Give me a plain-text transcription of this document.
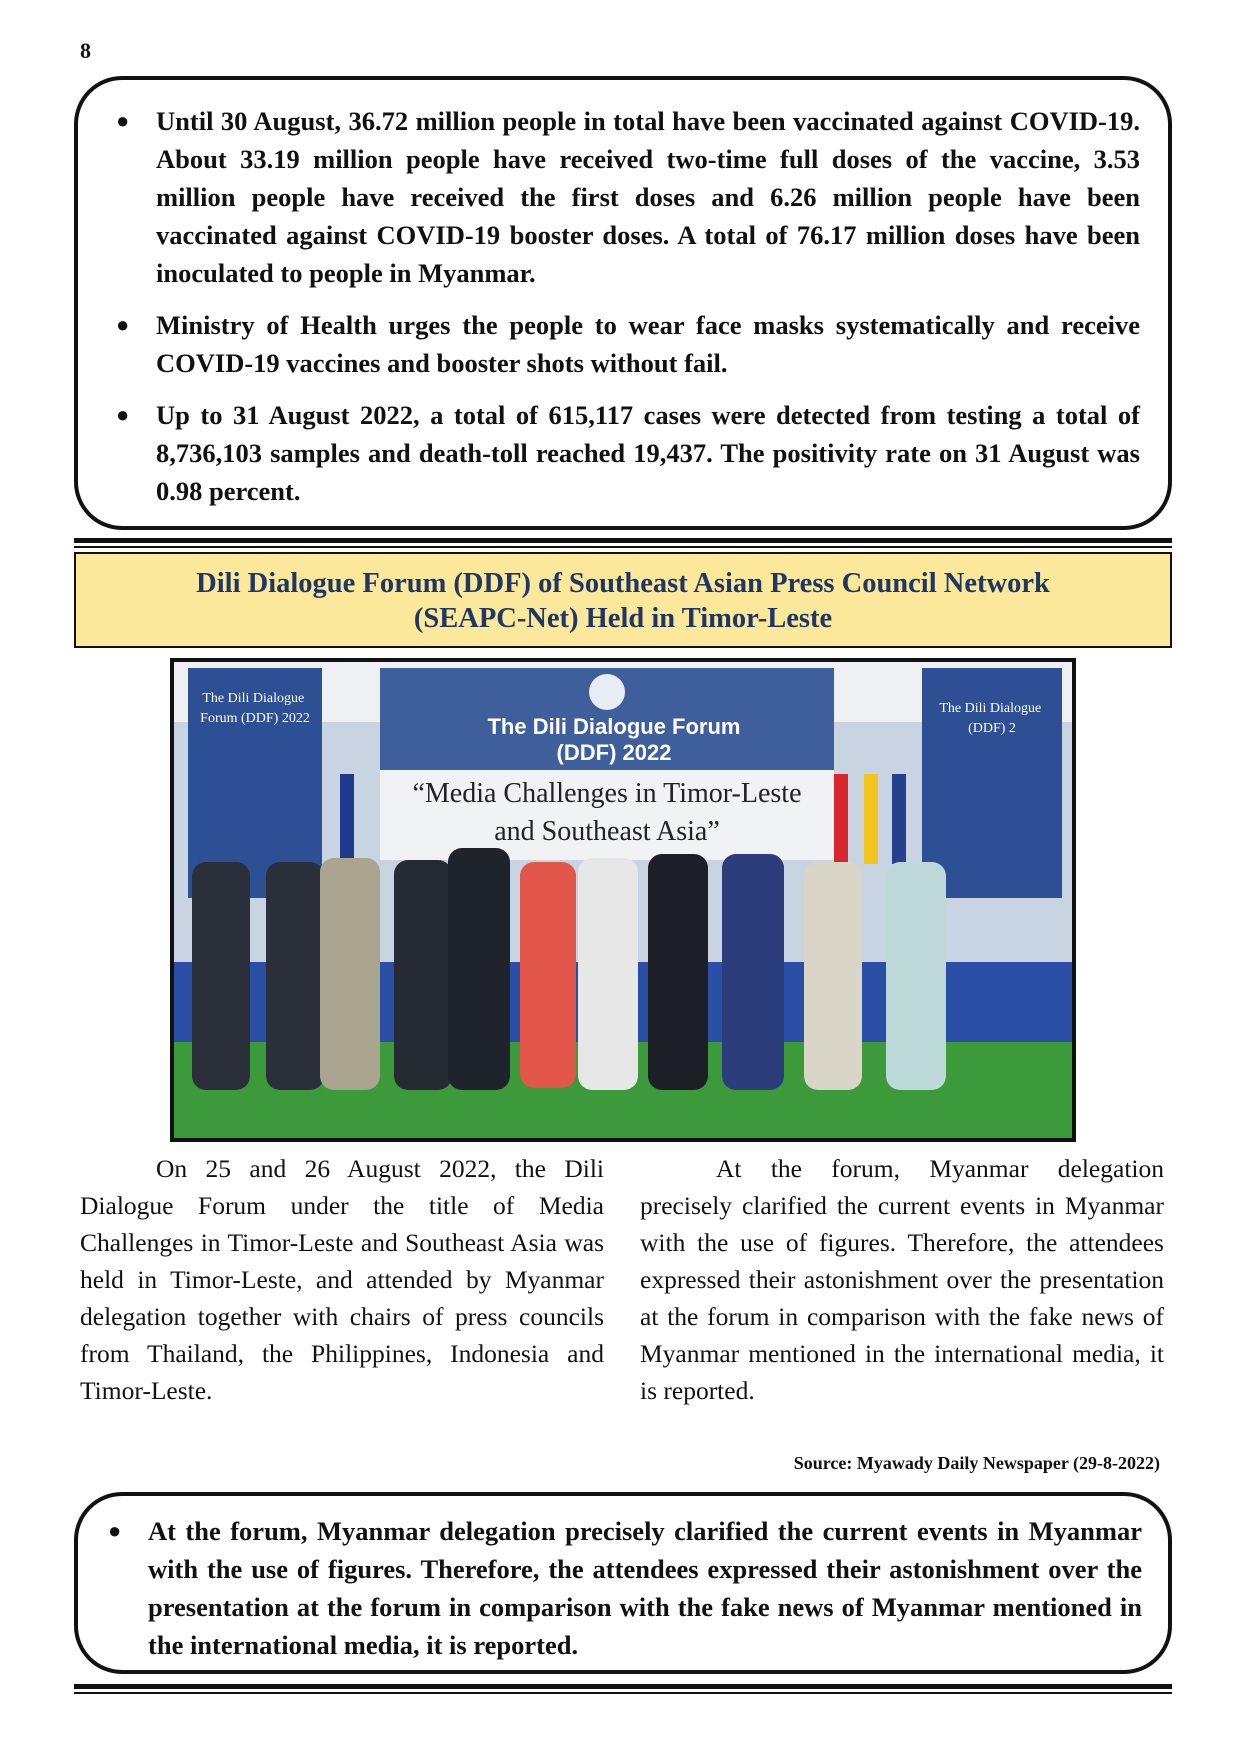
8
● Until 30 August, 36.72 million people in total have been vaccinated against COVID-19. About 33.19 million people have received two-time full doses of the vaccine, 3.53 million people have received the first doses and 6.26 million people have been vaccinated against COVID-19 booster doses. A total of 76.17 million doses have been inoculated to people in Myanmar.
● Ministry of Health urges the people to wear face masks systematically and receive COVID-19 vaccines and booster shots without fail.
● Up to 31 August 2022, a total of 615,117 cases were detected from testing a total of 8,736,103 samples and death-toll reached 19,437. The positivity rate on 31 August was 0.98 percent.
Dili Dialogue Forum (DDF) of Southeast Asian Press Council Network
(SEAPC-Net) Held in Timor-Leste
The Dili Dialogue Forum (DDF) 2022
The Dili Dialogue (DDF) 2
The Dili Dialogue Forum
(DDF) 2022
“Media Challenges in Timor-Leste
and Southeast Asia”

On 25 and 26 August 2022, the Dili Dialogue Forum under the title of Media Challenges in Timor-Leste and Southeast Asia was held in Timor-Leste, and attended by Myanmar delegation together with chairs of press councils from Thailand, the Philippines, Indonesia and Timor-Leste.

At the forum, Myanmar delegation precisely clarified the current events in Myanmar with the use of figures. Therefore, the attendees expressed their astonishment over the presentation at the forum in comparison with the fake news of Myanmar mentioned in the international media, it is reported.

Source: Myawady Daily Newspaper (29-8-2022)
● At the forum, Myanmar delegation precisely clarified the current events in Myanmar with the use of figures. Therefore, the attendees expressed their astonishment over the presentation at the forum in comparison with the fake news of Myanmar mentioned in the international media, it is reported.
